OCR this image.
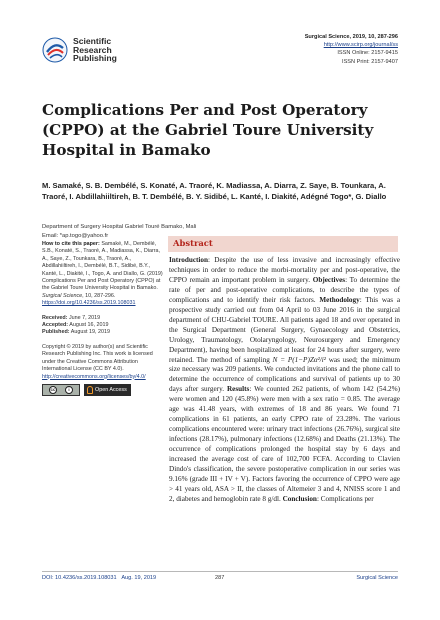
Scientific
Research
Publishing
Surgical Science, 2019, 10, 287-296
http://www.scirp.org/journal/ss
ISSN Online: 2157-9415
ISSN Print: 2157-9407
Complications Per and Post Operatory (CPPO) at the Gabriel Toure University Hospital in Bamako
M. Samaké, S. B. Dembélé, S. Konaté, A. Traoré, K. Madiassa, A. Diarra, Z. Saye, B. Tounkara, A. Traoré, I. Abdillahiiltireh, B. T. Dembélé, B. Y. Sidibé, L. Kanté, I. Diakité, Adégné Togo*, G. Diallo
Department of Surgery Hospital Gabriel Touré Bamako, Mali
Email: *ap.togo@yahoo.fr
How to cite this paper: Samaké, M., Dembélé, S.B., Konaté, S., Traoré, A., Madiassa, K., Diarra, A., Saye, Z., Tounkara, B., Traoré, A., Abdillahiiltireh, I., Dembélé, B.T., Sidibé, B.Y., Kanté, L., Diakité, I., Togo, A. and Diallo, G. (2019) Complications Per and Post Operatory (CPPO) at the Gabriel Toure University Hospital in Bamako. Surgical Science, 10, 287-296.
https://doi.org/10.4236/ss.2019.108031
Received: June 7, 2019
Accepted: August 16, 2019
Published: August 19, 2019
Copyright © 2019 by author(s) and Scientific Research Publishing Inc. This work is licensed under the Creative Commons Attribution International License (CC BY 4.0).
http://creativecommons.org/licenses/by/4.0/
cc	i	Open Access
Abstract
Introduction: Despite the use of less invasive and increasingly effective techniques in order to reduce the morbi-mortality per and post-operative, the CPPO remain an important problem in surgery. Objectives: To determine the rate of per and post-operative complications, to describe the types of complications and to identify their risk factors. Methodology: This was a prospective study carried out from 04 April to 03 June 2016 in the surgical department of CHU-Gabriel TOURE. All patients aged 18 and over operated in the Surgical Department (General Surgery, Gynaecology and Obstetrics, Urology, Traumatology, Otolaryngology, Neurosurgery and Emergency Department), having been hospitalized at least for 24 hours after surgery, were retained. The method of sampling N = P(1−P)Zα²/i² was used; the minimum size necessary was 209 patients. We conducted invitations and the phone call to determine the occurrence of complications and survival of patients up to 30 days after surgery. Results: We counted 262 patients, of whom 142 (54.2%) were women and 120 (45.8%) were men with a sex ratio = 0.85. The average age was 41.48 years, with extremes of 18 and 86 years. We found 71 complications in 61 patients, an early CPPO rate of 23.28%. The various complications encountered were: urinary tract infections (26.76%), surgical site infections (28.17%), pulmonary infections (12.68%) and Deaths (21.13%). The occurrence of complications prolonged the hospital stay by 6 days and increased the average cost of care of 102,700 FCFA. According to Clavien Dindo's classification, the severe postoperative complication in our series was 9.16% (grade III + IV + V). Factors favoring the occurrence of CPPO were age > 41 years old, ASA > II, the classes of Altemeier 3 and 4, NNISS score 1 and 2, diabetes and hemoglobin rate 8 g/dl. Conclusion: Complications per
DOI: 10.4236/ss.2019.108031 Aug. 19, 2019	287	Surgical Science
